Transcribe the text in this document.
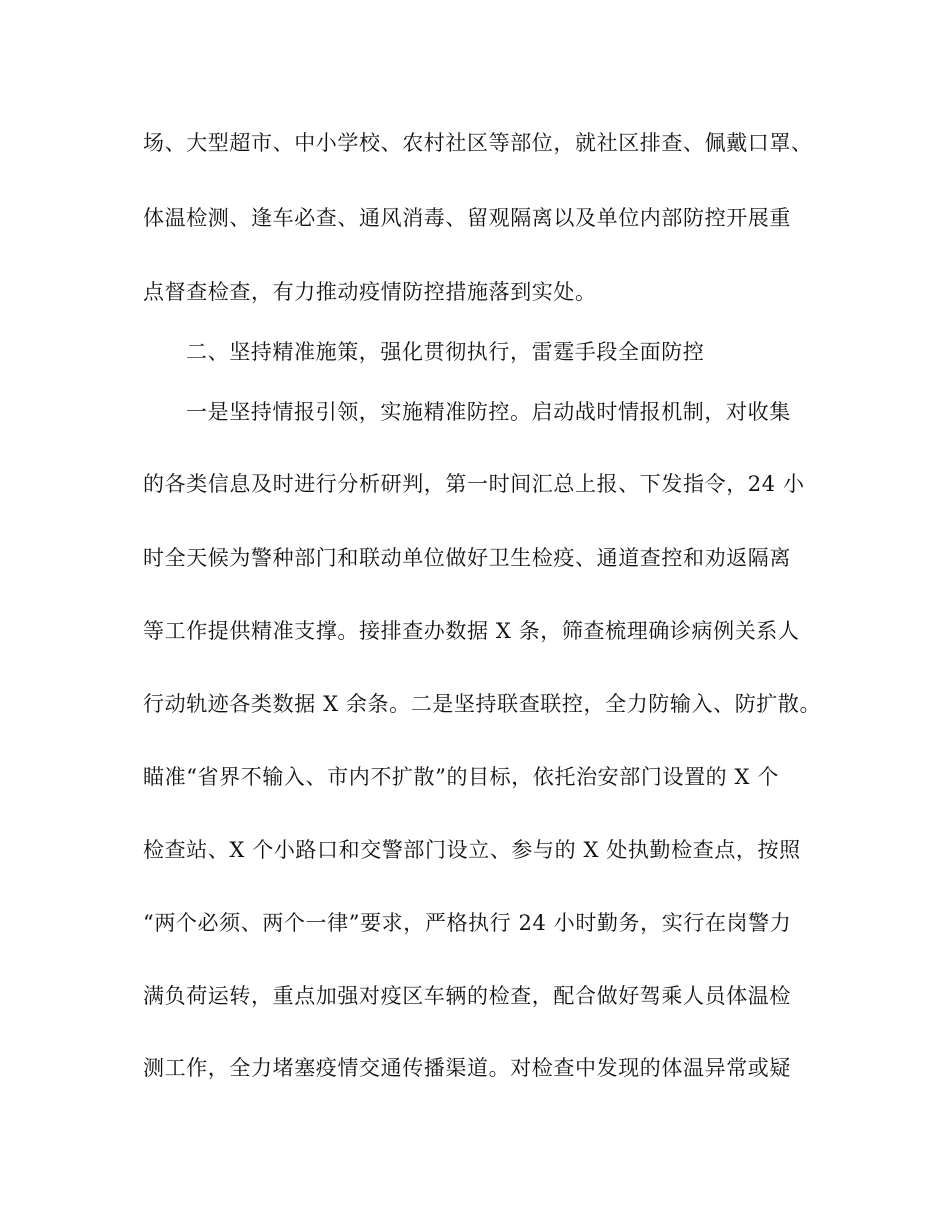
场、大型超市、中小学校、农村社区等部位，就社区排查、佩戴口罩、
体温检测、逢车必查、通风消毒、留观隔离以及单位内部防控开展重
点督查检查，有力推动疫情防控措施落到实处。
二、坚持精准施策，强化贯彻执行，雷霆手段全面防控
一是坚持情报引领，实施精准防控。启动战时情报机制，对收集
的各类信息及时进行分析研判，第一时间汇总上报、下发指令，24 小
时全天候为警种部门和联动单位做好卫生检疫、通道查控和劝返隔离
等工作提供精准支撑。接排查办数据 X 条，筛查梳理确诊病例关系人
行动轨迹各类数据 X 余条。二是坚持联查联控，全力防输入、防扩散。
瞄准“省界不输入、市内不扩散”的目标，依托治安部门设置的 X 个
检查站、X 个小路口和交警部门设立、参与的 X 处执勤检查点，按照
“两个必须、两个一律”要求，严格执行 24 小时勤务，实行在岗警力
满负荷运转，重点加强对疫区车辆的检查，配合做好驾乘人员体温检
测工作，全力堵塞疫情交通传播渠道。对检查中发现的体温异常或疑
